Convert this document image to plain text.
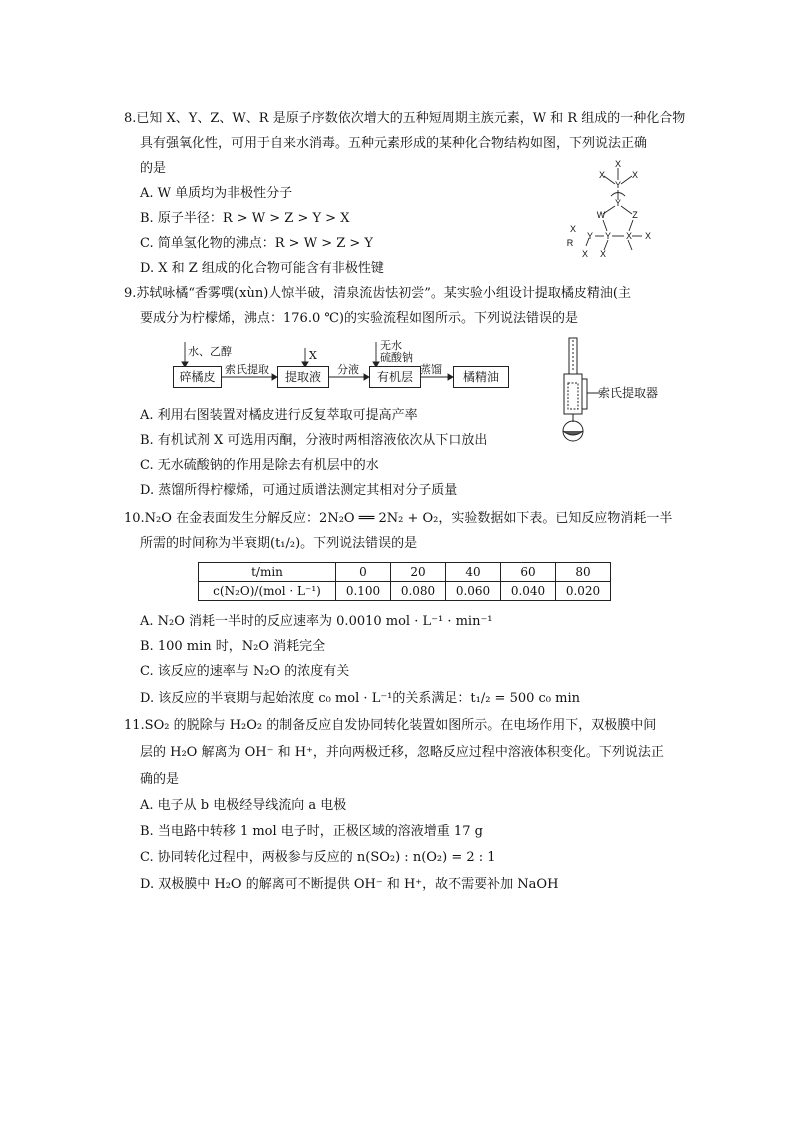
8.已知 X、Y、Z、W、R 是原子序数依次增大的五种短周期主族元素，W 和 R 组成的一种化合物
具有强氧化性，可用于自来水消毒。五种元素形成的某种化合物结构如图，下列说法正确
的是
A. W 单质均为非极性分子
B. 原子半径：R > W > Z > Y > X
C. 简单氢化物的沸点：R > W > Z > Y
D. X 和 Z 组成的化合物可能含有非极性键
X
X
Y
X
Y
W	Z
X
Y Y X
R
X
X X
9.苏轼咏橘“香雾噀(xùn)人惊半破，清泉流齿怯初尝”。某实验小组设计提取橘皮精油(主
要成分为柠檬烯，沸点：176.0 ℃)的实验流程如图所示。下列说法错误的是
水、乙醇	X
无水
硫酸钠
碎橘皮
索氏提取
提取液
分液
有机层
蒸馏
橘精油
索氏提取器
A. 利用右图装置对橘皮进行反复萃取可提高产率
B. 有机试剂 X 可选用丙酮，分液时两相溶液依次从下口放出
C. 无水硫酸钠的作用是除去有机层中的水
D. 蒸馏所得柠檬烯，可通过质谱法测定其相对分子质量
10.N₂O 在金表面发生分解反应：2N₂O ══ 2N₂ + O₂，实验数据如下表。已知反应物消耗一半
所需的时间称为半衰期(t₁/₂)。下列说法错误的是
t/min	0	20	40	60	80
c(N₂O)/(mol · L⁻¹)	0.100	0.080	0.060	0.040	0.020
A. N₂O 消耗一半时的反应速率为 0.0010 mol · L⁻¹ · min⁻¹
B. 100 min 时，N₂O 消耗完全
C. 该反应的速率与 N₂O 的浓度有关
D. 该反应的半衰期与起始浓度 c₀ mol · L⁻¹的关系满足：t₁/₂ = 500 c₀ min
11.SO₂ 的脱除与 H₂O₂ 的制备反应自发协同转化装置如图所示。在电场作用下，双极膜中间
层的 H₂O 解离为 OH⁻ 和 H⁺，并向两极迁移，忽略反应过程中溶液体积变化。下列说法正
确的是
A. 电子从 b 电极经导线流向 a 电极
B. 当电路中转移 1 mol 电子时，正极区域的溶液增重 17 g
C. 协同转化过程中，两极参与反应的 n(SO₂) : n(O₂) = 2 : 1
D. 双极膜中 H₂O 的解离可不断提供 OH⁻ 和 H⁺，故不需要补加 NaOH
